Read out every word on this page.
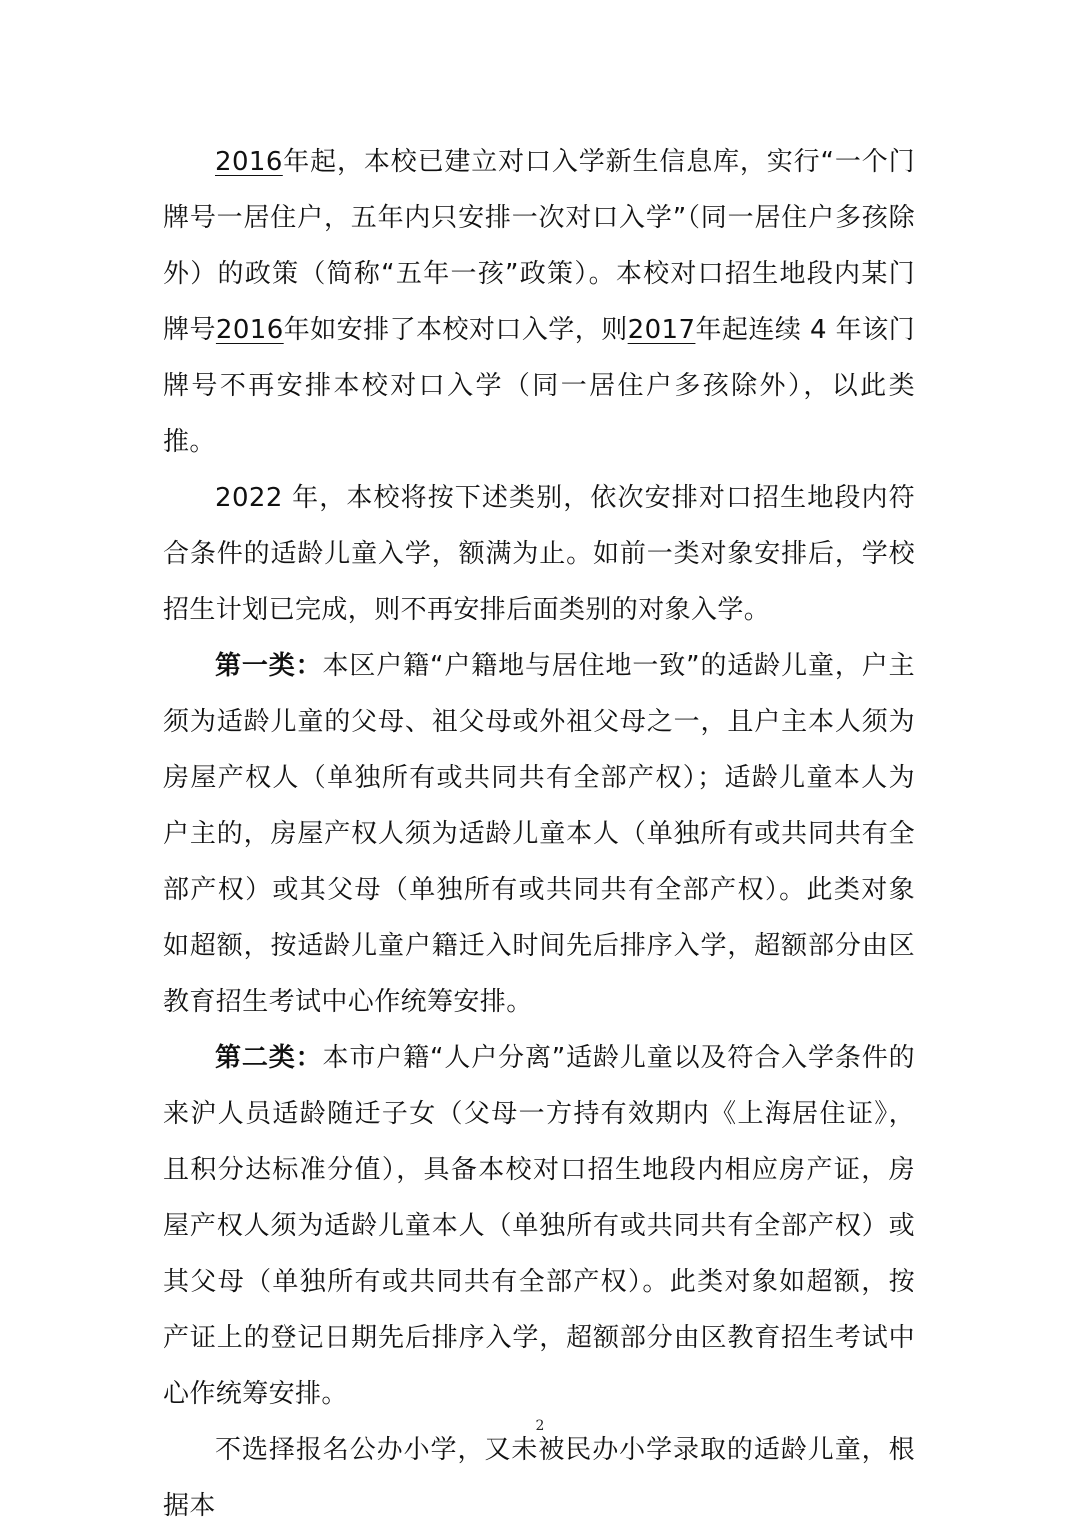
2016年起，本校已建立对口入学新生信息库，实行“一个门牌号一居住户，五年内只安排一次对口入学”（同一居住户多孩除外）的政策（简称“五年一孩”政策）。本校对口招生地段内某门牌号2016年如安排了本校对口入学，则2017年起连续 4 年该门牌号不再安排本校对口入学（同一居住户多孩除外），以此类推。

2022 年，本校将按下述类别，依次安排对口招生地段内符合条件的适龄儿童入学，额满为止。如前一类对象安排后，学校招生计划已完成，则不再安排后面类别的对象入学。

第一类：本区户籍“户籍地与居住地一致”的适龄儿童，户主须为适龄儿童的父母、祖父母或外祖父母之一，且户主本人须为房屋产权人（单独所有或共同共有全部产权）；适龄儿童本人为户主的，房屋产权人须为适龄儿童本人（单独所有或共同共有全部产权）或其父母（单独所有或共同共有全部产权）。此类对象如超额，按适龄儿童户籍迁入时间先后排序入学，超额部分由区教育招生考试中心作统筹安排。

第二类：本市户籍“人户分离”适龄儿童以及符合入学条件的来沪人员适龄随迁子女（父母一方持有效期内《上海居住证》，且积分达标准分值），具备本校对口招生地段内相应房产证，房屋产权人须为适龄儿童本人（单独所有或共同共有全部产权）或其父母（单独所有或共同共有全部产权）。此类对象如超额，按产证上的登记日期先后排序入学，超额部分由区教育招生考试中心作统筹安排。

不选择报名公办小学，又未被民办小学录取的适龄儿童，根据本

2
